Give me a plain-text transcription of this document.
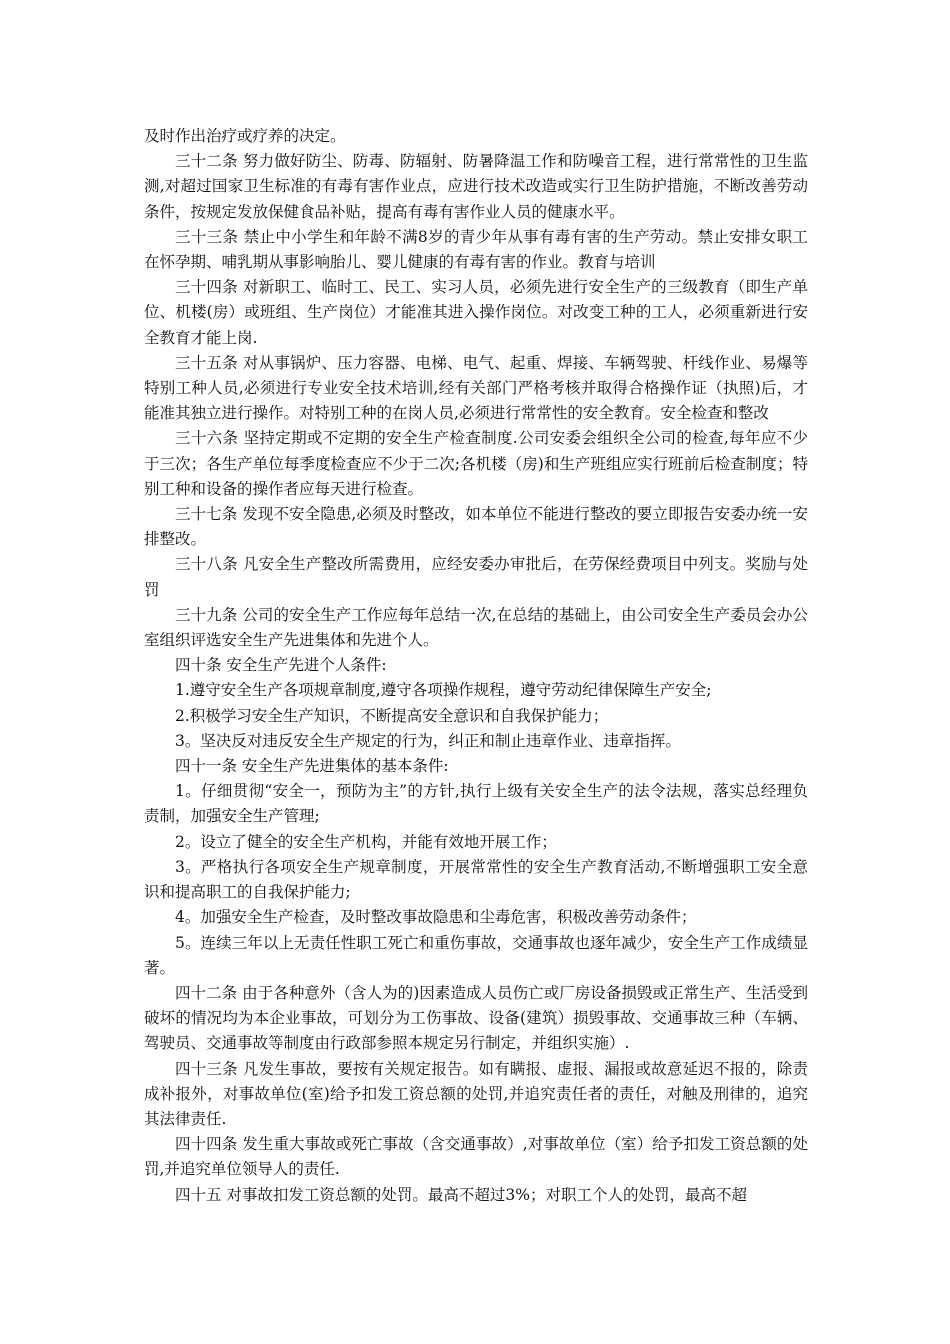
及时作出治疗或疗养的决定。

三十二条 努力做好防尘、防毒、防辐射、防暑降温工作和防噪音工程，进行常常性的卫生监测,对超过国家卫生标准的有毒有害作业点，应进行技术改造或实行卫生防护措施，不断改善劳动条件，按规定发放保健食品补贴，提高有毒有害作业人员的健康水平。

三十三条 禁止中小学生和年龄不满8岁的青少年从事有毒有害的生产劳动。禁止安排女职工在怀孕期、哺乳期从事影响胎儿、婴儿健康的有毒有害的作业。教育与培训

三十四条 对新职工、临时工、民工、实习人员，必须先进行安全生产的三级教育（即生产单位、机楼(房）或班组、生产岗位）才能准其进入操作岗位。对改变工种的工人，必须重新进行安全教育才能上岗.

三十五条 对从事锅炉、压力容器、电梯、电气、起重、焊接、车辆驾驶、杆线作业、易爆等特别工种人员,必须进行专业安全技术培训,经有关部门严格考核并取得合格操作证（执照)后，才能准其独立进行操作。对特别工种的在岗人员,必须进行常常性的安全教育。安全检查和整改

三十六条 坚持定期或不定期的安全生产检查制度.公司安委会组织全公司的检查,每年应不少于三次；各生产单位每季度检查应不少于二次;各机楼（房)和生产班组应实行班前后检查制度；特别工种和设备的操作者应每天进行检查。

三十七条 发现不安全隐患,必须及时整改，如本单位不能进行整改的要立即报告安委办统一安排整改。

三十八条 凡安全生产整改所需费用，应经安委办审批后，在劳保经费项目中列支。奖励与处罚

三十九条 公司的安全生产工作应每年总结一次,在总结的基础上，由公司安全生产委员会办公室组织评选安全生产先进集体和先进个人。

四十条 安全生产先进个人条件:

1.遵守安全生产各项规章制度,遵守各项操作规程，遵守劳动纪律保障生产安全;

2.积极学习安全生产知识，不断提高安全意识和自我保护能力；

3。坚决反对违反安全生产规定的行为，纠正和制止违章作业、违章指挥。

四十一条 安全生产先进集体的基本条件:

1。仔细贯彻“安全一，预防为主”的方针,执行上级有关安全生产的法令法规，落实总经理负责制，加强安全生产管理;

2。设立了健全的安全生产机构，并能有效地开展工作；

3。严格执行各项安全生产规章制度，开展常常性的安全生产教育活动,不断增强职工安全意识和提高职工的自我保护能力;

4。加强安全生产检查，及时整改事故隐患和尘毒危害，积极改善劳动条件；

5。连续三年以上无责任性职工死亡和重伤事故，交通事故也逐年减少，安全生产工作成绩显著。

四十二条 由于各种意外（含人为的)因素造成人员伤亡或厂房设备损毁或正常生产、生活受到破坏的情况均为本企业事故，可划分为工伤事故、设备(建筑）损毁事故、交通事故三种（车辆、驾驶员、交通事故等制度由行政部参照本规定另行制定，并组织实施）.

四十三条 凡发生事故，要按有关规定报告。如有瞒报、虚报、漏报或故意延迟不报的，除责成补报外，对事故单位(室)给予扣发工资总额的处罚,并追究责任者的责任，对触及刑律的，追究其法律责任.

四十四条 发生重大事故或死亡事故（含交通事故）,对事故单位（室）给予扣发工资总额的处罚,并追究单位领导人的责任.

四十五 对事故扣发工资总额的处罚。最高不超过3%；对职工个人的处罚，最高不超
